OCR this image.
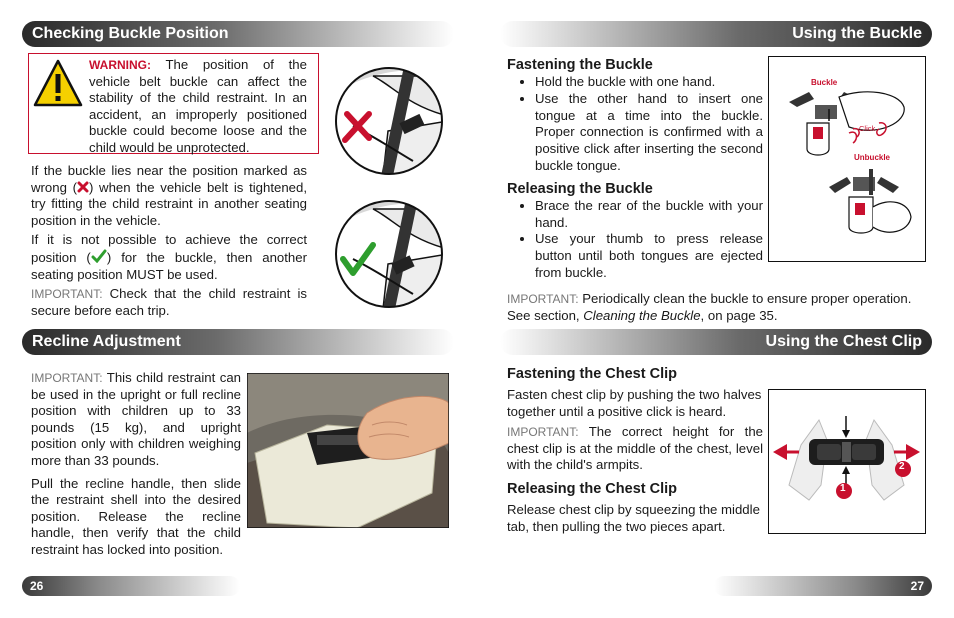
Checking Buckle Position

WARNING: The position of the vehicle belt buckle can affect the stability of the child restraint. In an accident, an improperly positioned buckle could become loose and the child would be unprotected.

If the buckle lies near the position marked as wrong ( ) when the vehicle belt is tightened, try fitting the child restraint in another seating position in the vehicle.

If it is not possible to achieve the correct position ( ) for the buckle, then another seating position MUST be used.

IMPORTANT: Check that the child restraint is secure before each trip.

Recline Adjustment

IMPORTANT: This child restraint can be used in the upright or full recline position with children up to 33 pounds (15 kg), and upright position only with children weighing more than 33 pounds.

Pull the recline handle, then slide the restraint shell into the desired position. Release the recline handle, then verify that the child restraint has locked into position.

26
Using the Buckle

Fastening the Buckle

• Hold the buckle with one hand.
• Use the other hand to insert one tongue at a time into the buckle. Proper connection is confirmed with a positive click after inserting the second buckle tongue.

Releasing the Buckle

• Brace the rear of the buckle with your hand.
• Use your thumb to press release button until both tongues are ejected from buckle.
Buckle
Click
Unbuckle

IMPORTANT: Periodically clean the buckle to ensure proper operation. See section, Cleaning the Buckle, on page 35.

Using the Chest Clip

Fastening the Chest Clip

Fasten chest clip by pushing the two halves together until a positive click is heard.

IMPORTANT: The correct height for the chest clip is at the middle of the chest, level with the child's armpits.

Releasing the Chest Clip

Release chest clip by squeezing the middle tab, then pulling the two pieces apart.

1
2
27
